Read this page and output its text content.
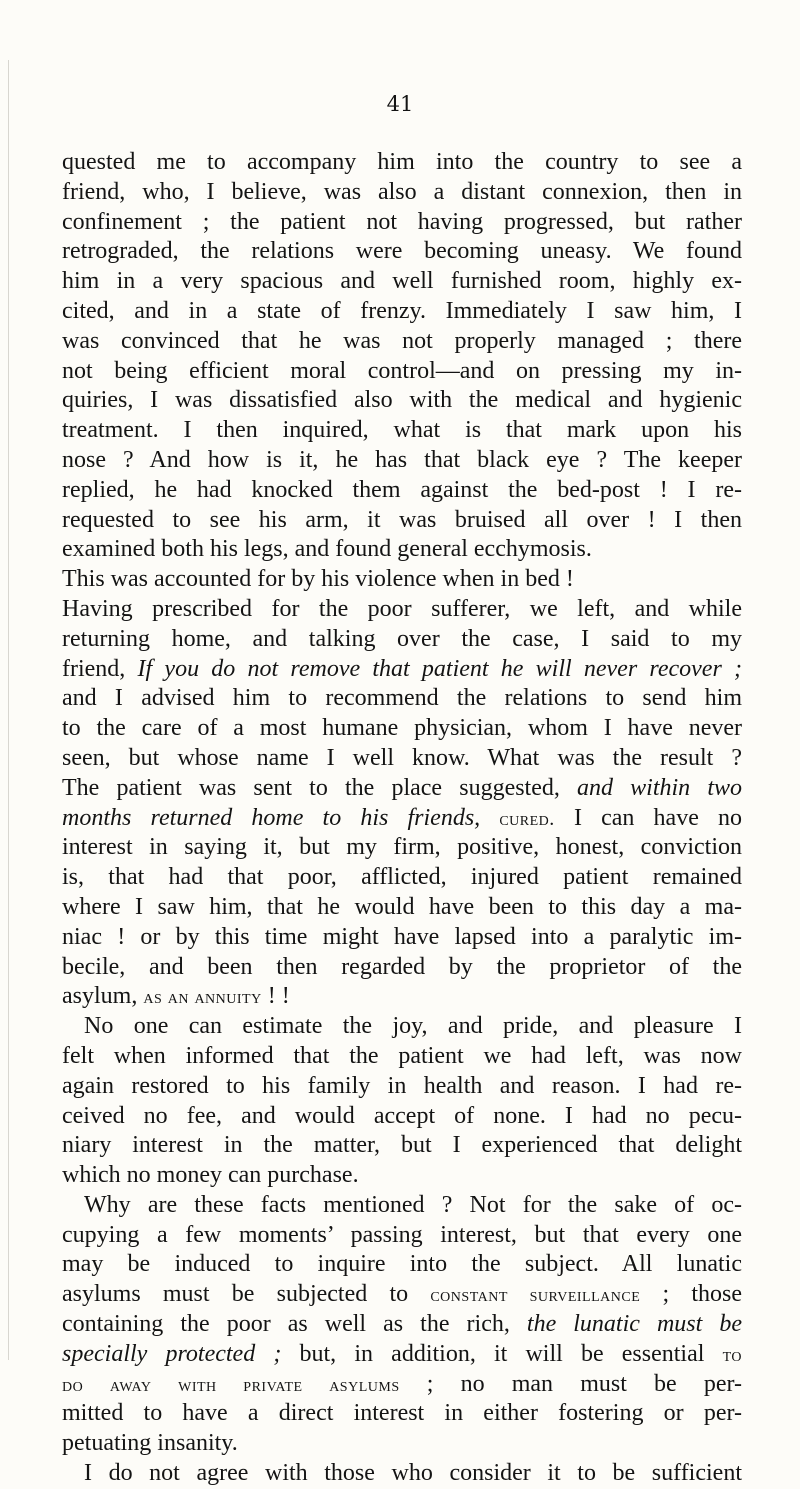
41
quested me to accompany him into the country to see a
friend, who, I believe, was also a distant connexion, then in
confinement ; the patient not having progressed, but rather
retrograded, the relations were becoming uneasy. We found
him in a very spacious and well furnished room, highly ex-
cited, and in a state of frenzy. Immediately I saw him, I
was convinced that he was not properly managed ; there
not being efficient moral control—and on pressing my in-
quiries, I was dissatisfied also with the medical and hygienic
treatment. I then inquired, what is that mark upon his
nose ? And how is it, he has that black eye ? The keeper
replied, he had knocked them against the bed-post ! I re-
requested to see his arm, it was bruised all over ! I then
examined both his legs, and found general ecchymosis.
This was accounted for by his violence when in bed !
Having prescribed for the poor sufferer, we left, and while
returning home, and talking over the case, I said to my
friend, If you do not remove that patient he will never recover ;
and I advised him to recommend the relations to send him
to the care of a most humane physician, whom I have never
seen, but whose name I well know. What was the result ?
The patient was sent to the place suggested, and within two
months returned home to his friends, cured. I can have no
interest in saying it, but my firm, positive, honest, conviction
is, that had that poor, afflicted, injured patient remained
where I saw him, that he would have been to this day a ma-
niac ! or by this time might have lapsed into a paralytic im-
becile, and been then regarded by the proprietor of the
asylum, as an annuity ! !
No one can estimate the joy, and pride, and pleasure I
felt when informed that the patient we had left, was now
again restored to his family in health and reason. I had re-
ceived no fee, and would accept of none. I had no pecu-
niary interest in the matter, but I experienced that delight
which no money can purchase.
Why are these facts mentioned ? Not for the sake of oc-
cupying a few moments’ passing interest, but that every one
may be induced to inquire into the subject. All lunatic
asylums must be subjected to constant surveillance ; those
containing the poor as well as the rich, the lunatic must be
specially protected ; but, in addition, it will be essential to
do away with private asylums ; no man must be per-
mitted to have a direct interest in either fostering or per-
petuating insanity.
I do not agree with those who consider it to be sufficient
